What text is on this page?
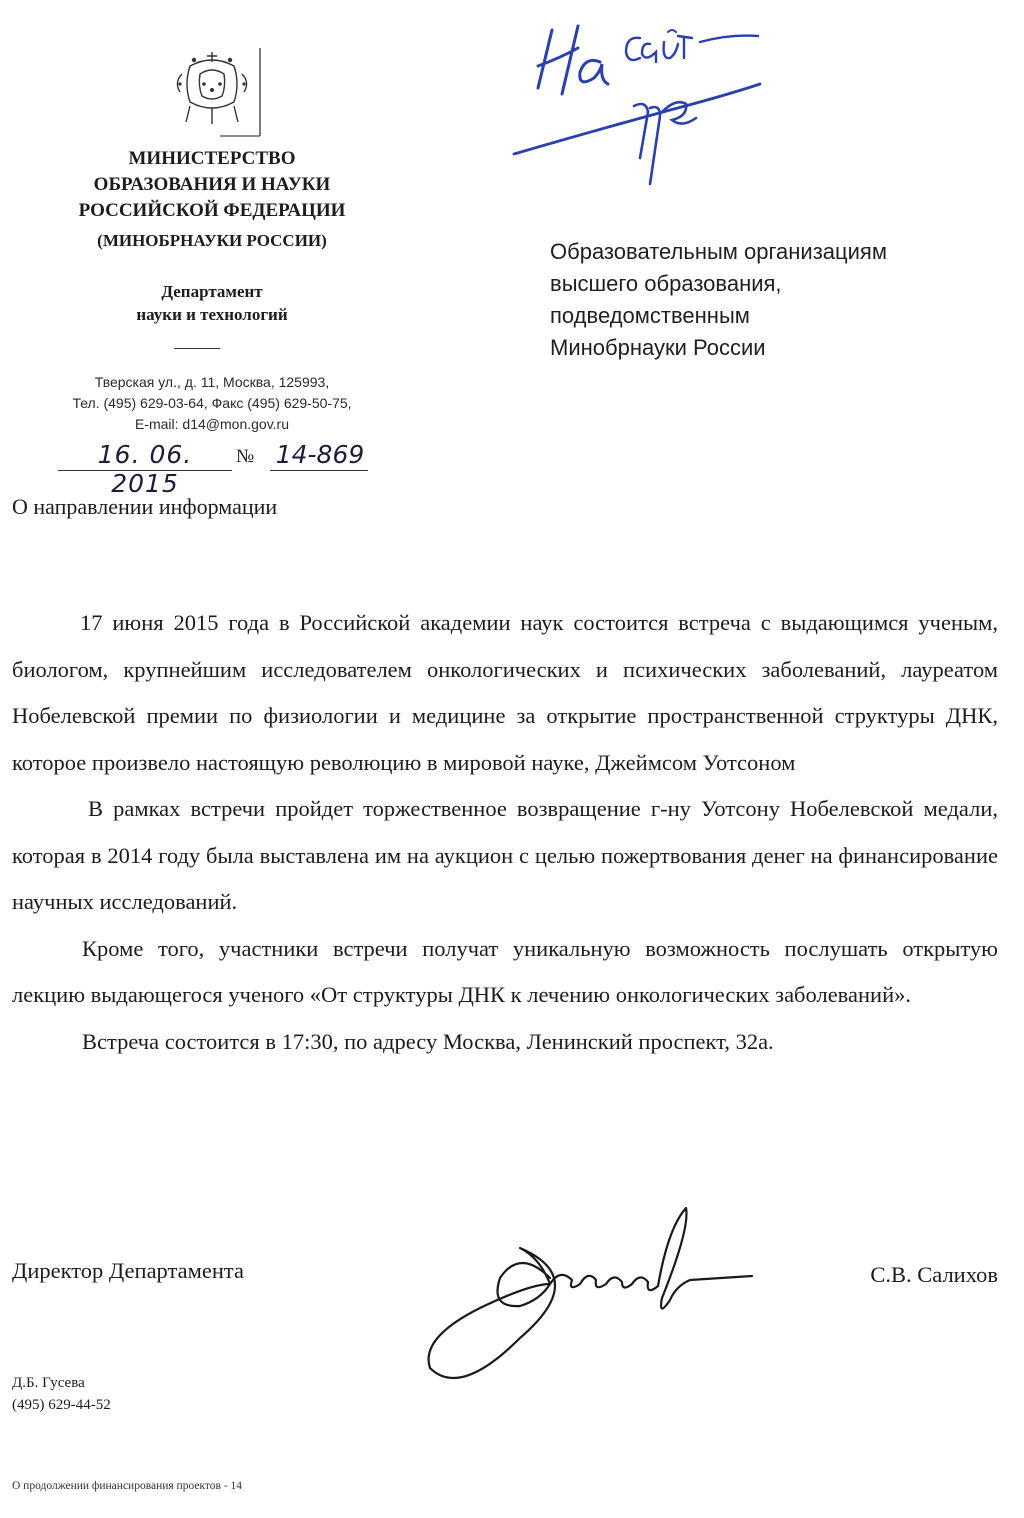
МИНИСТЕРСТВО
ОБРАЗОВАНИЯ И НАУКИ
РОССИЙСКОЙ ФЕДЕРАЦИИ
(МИНОБРНАУКИ РОССИИ)
Департамент
науки и технологий
Тверская ул., д. 11, Москва, 125993,
Тел. (495) 629-03-64, Факс (495) 629-50-75,
E-mail: d14@mon.gov.ru
16. 06. 2015
№ 14-869
Образовательным организациям
высшего образования,
подведомственным
Минобрнауки России
О направлении информации

17 июня 2015 года в Российской академии наук состоится встреча с выдающимся ученым, биологом, крупнейшим исследователем онкологических и психических заболеваний, лауреатом Нобелевской премии по физиологии и медицине за открытие пространственной структуры ДНК, которое произвело настоящую революцию в мировой науке, Джеймсом Уотсоном

В рамках встречи пройдет торжественное возвращение г-ну Уотсону Нобелевской медали, которая в 2014 году была выставлена им на аукцион с целью пожертвования денег на финансирование научных исследований.

Кроме того, участники встречи получат уникальную возможность послушать открытую лекцию выдающегося ученого «От структуры ДНК к лечению онкологических заболеваний».

Встреча состоится в 17:30, по адресу Москва, Ленинский проспект, 32а.

Директор Департамента	С.В. Салихов
Д.Б. Гусева
(495) 629-44-52
О продолжении финансирования проектов - 14
